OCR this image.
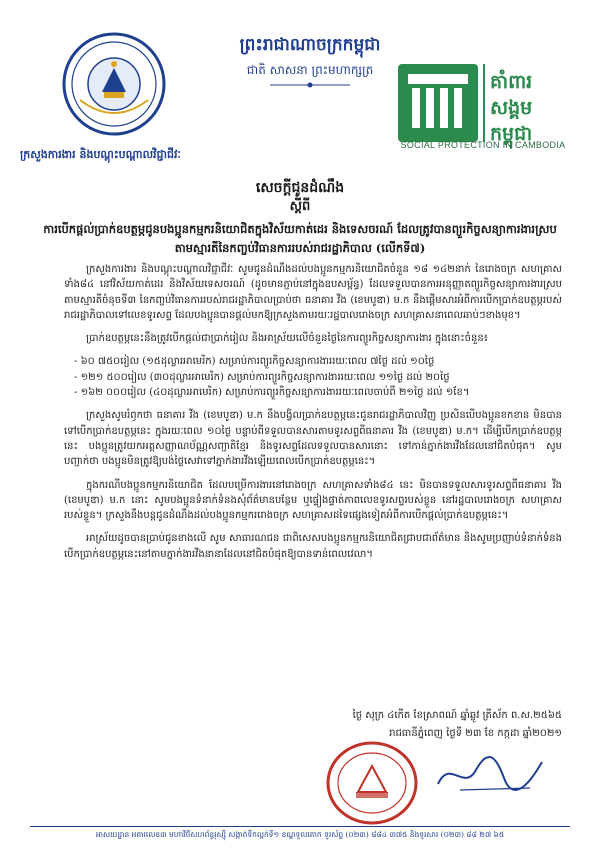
ព្រះរាជាណាចក្រកម្ពុជា
ជាតិ សាសនា ព្រះមហាក្សត្រ
គាំពារ
សង្គម
កម្ពុជា
SOCIAL PROTECTION IN CAMBODIA
ក្រសួងការងារ និងបណ្តុះបណ្តាលវិជ្ជាជីវៈ
សេចក្តីជូនដំណឹង
ស្តីពី
ការបើកផ្តល់ប្រាក់ឧបត្ថម្ភជូនបងប្អូនកម្មករនិយោជិតក្នុងវិស័យកាត់ដេរ និងទេសចរណ៍ ដែលត្រូវបានព្យួរកិច្ចសន្យាការងារស្របតាមស្មារតីនៃកញ្ចប់វិធានការរបស់រាជរដ្ឋាភិបាល (លើកទី៧)

ក្រសួងការងារ និងបណ្តុះបណ្តាលវិជ្ជាជីវៈ សូមជូនដំណឹងដល់បងប្អូនកម្មករនិយោជិតចំនួន ១៨ ១៤២នាក់ នៃរោងចក្រ សហគ្រាសទាំង៨៤ នៅវិស័យកាត់ដេរ និងវិស័យទេសចរណ៍ (ដូចមានភ្ជាប់នៅក្នុងឧបសម្ព័ន្ធ) ដែលទទួលបានការអនុញ្ញាតព្យួរកិច្ចសន្យាការងារស្របតាមស្មារតីចំនុចទី៣ នៃកញ្ចប់វិធានការរបស់រាជរដ្ឋាភិបាលប្រាប់ថា ធនាគារ វីង (ខេមបូឌា) ម.ក នឹងផ្តើមសារអំពីការបើកប្រាក់ឧបត្ថម្ភរបស់រាជរដ្ឋាភិបាលទៅលេខទូរសព្ទ ដែលបងប្អូនបានផ្តល់មកឱ្យក្រសួងតាមរយៈរដ្ឋបាលរោងចក្រ សហគ្រាសនាពេលឆាប់ៗខាងមុខ។

ប្រាក់ឧបត្ថម្ភនេះនឹងត្រូវបើកផ្តល់ជាប្រាក់រៀល និងអាស្រ័យលើចំនួនថ្ងៃនៃការព្យួរកិច្ចសន្យាការងារ ក្នុងនោះចំនួន៖

- ៦០ ៧៥០រៀល (១៥ដុល្លារអាមេរិក) សម្រាប់ការព្យួរកិច្ចសន្យាការងាររយៈពេល ៧ថ្ងៃ ដល់ ១០ថ្ងៃ
- ១២១ ៥០០រៀល (៣០ដុល្លារអាមេរិក) សម្រាប់ការព្យួរកិច្ចសន្យាការងាររយៈពេល ១១ថ្ងៃ ដល់ ២០ថ្ងៃ
- ១៦២ ០០០រៀល (៤០ដុល្លារអាមេរិក) សម្រាប់ការព្យួរកិច្ចសន្យាការងាររយៈពេលចាប់ពី ២១ថ្ងៃ ដល់ ១ខែ។

ក្រសួងសូមរំឭកថា ធនាគារ វីង (ខេមបូឌា) ម.ក នឹងបង្វិលប្រាក់ឧបត្ថម្ភនេះជូនរាជរដ្ឋាភិបាលវិញ ប្រសិនបើបងប្អូនខកខាន មិនបានទៅបើកប្រាក់ឧបត្ថម្ភនេះ ក្នុងរយៈពេល ១០ថ្ងៃ បន្ទាប់ពីទទួលបានសារតាមទូរសព្ទពីធនាគារ វីង (ខេមបូឌា) ម.ក។ ដើម្បីបើកប្រាក់ឧបត្ថម្ភនេះ បងប្អូនត្រូវយកអត្តសញ្ញាណប័ណ្ណសញ្ជាតិខ្មែរ និងទូរសព្ទដែលទទួលបានសារនោះ ទៅកាន់ភ្នាក់ងារវីងដែលនៅជិតបំផុត។ សូមបញ្ជាក់ថា បងប្អូនមិនត្រូវឱ្យបង់ថ្លៃសេវាទៅភ្នាក់ងារវីងឡើយពេលបើកប្រាក់ឧបត្ថម្ភនេះ។

ក្នុងករណីបងប្អូនកម្មករនិយោជិត ដែលបម្រើការងារនៅរោងចក្រ សហគ្រាសទាំង៨៤ នេះ មិនបានទទួលសារទូរសព្ទពីធនាគារ វីង (ខេមបូឌា) ម.ក នោះ សូមបងប្អូនទំនាក់ទំនងសុំព័ត៌មានបន្ថែម ឬផ្ទៀងផ្ទាត់ភាពលេខទូរសព្ទរបស់ខ្លួន នៅរដ្ឋបាលរោងចក្រ សហគ្រាសរបស់ខ្លួន។ ក្រសួងនឹងបន្តជូនដំណឹងដល់បងប្អូនកម្មកររោងចក្រ សហគ្រាសដទៃផ្សេងទៀតអំពីការបើកផ្តល់ប្រាក់ឧបត្ថម្ភនេះ។

អាស្រ័យដូចបានប្រាប់ជូនខាងលើ សូម សាធារណជន ជាពិសេសបងប្អូនកម្មករនិយោជិតជ្រាបជាព័ត៌មាន និងសូមប្រញាប់ទំនាក់ទំនងបើកប្រាក់ឧបត្ថម្ភនេះនៅតាមភ្នាក់ងារវីងនានាដែលនៅជិតបំផុតឱ្យបានទាន់ពេលវេលា។

ថ្ងៃ សុក្រ ៤កើត ខែស្រាពណ៍ ឆ្នាំឆ្លូវ ត្រីស័ក ព.ស.២៥៦៥
រាជធានីភ្នំពេញ ថ្ងៃទី ២៣ ខែ កក្កដា ឆ្នាំ២០២១
អាសយដ្ឋាន អគារលេខ៣ មហាវិថីសហព័ន្ធរុស្ស៊ី សង្កាត់ទឹកល្អក់ទី១ ខណ្ឌទួលគោក ទូរស័ព្ទ (០២៣) ៨៨៤ ៣៧៥ និងទូរសារ (០២៣) ៨៨ ២៧ ៦៥
